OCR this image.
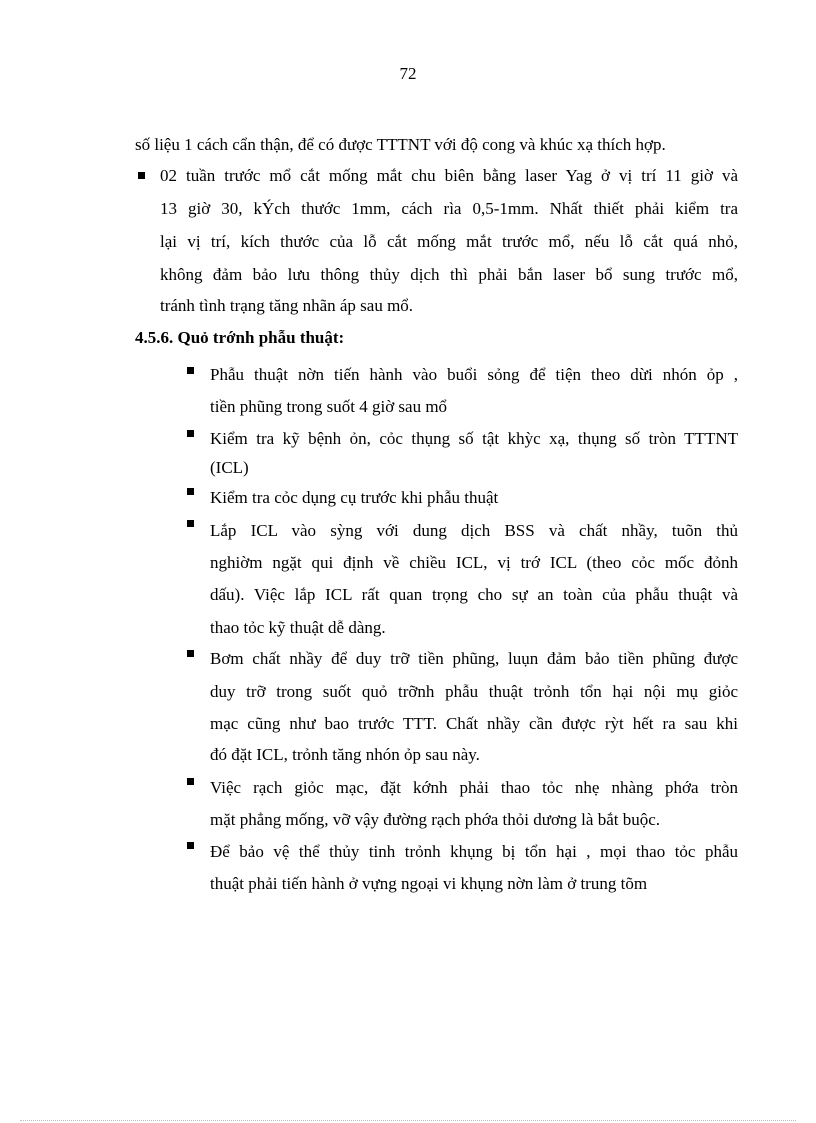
72
số liệu 1 cách cẩn thận, để có được TTTNT với độ cong và khúc xạ thích hợp.
02 tuần trước mổ cắt mống mắt chu biên bằng laser Yag ở vị trí 11 giờ và
13 giờ 30, kÝch thước 1mm, cách rìa 0,5-1mm. Nhất thiết phải kiểm tra
lại vị trí, kích thước của lỗ cắt mống mắt trước mổ, nếu lỗ cắt quá nhỏ,
không đảm bảo lưu thông thủy dịch thì phải bắn laser bổ sung trước mổ,
tránh tình trạng tăng nhãn áp sau mổ.
4.5.6. Quỏ trớnh phẫu thuật:
Phẫu thuật nờn tiến hành vào buổi sỏng để tiện theo dừi nhón ỏp ,
tiền phũng trong suốt 4 giờ sau mổ
Kiểm tra kỹ bệnh ỏn, cỏc thụng số tật khỳc xạ, thụng số tròn TTTNT
(ICL)
Kiểm tra cỏc dụng cụ trước khi phẫu thuật
Lắp ICL vào sỳng với dung dịch BSS và chất nhầy, tuõn thủ
nghiờm ngặt qui định về chiều ICL, vị trớ ICL (theo cỏc mốc đỏnh
dấu). Việc lắp ICL rất quan trọng cho sự an toàn của phẫu thuật và
thao tỏc kỹ thuật dễ dàng.
Bơm chất nhầy để duy trỡ tiền phũng, luụn đảm bảo tiền phũng được
duy trỡ trong suốt quỏ trỡnh phẫu thuật trỏnh tổn hại nội mụ giỏc
mạc cũng như bao trước TTT. Chất nhầy cần được rỳt hết ra sau khi
đó đặt ICL, trỏnh tăng nhón ỏp sau này.
Việc rạch giỏc mạc, đặt kớnh phải thao tỏc nhẹ nhàng phớa tròn
mặt phẳng mống, vỡ vậy đường rạch phớa thỏi dương là bắt buộc.
Để bảo vệ thể thủy tinh trỏnh khụng bị tổn hại , mọi thao tỏc phẫu
thuật phải tiến hành ở vựng ngoại vi khụng nờn làm ở trung tõm
